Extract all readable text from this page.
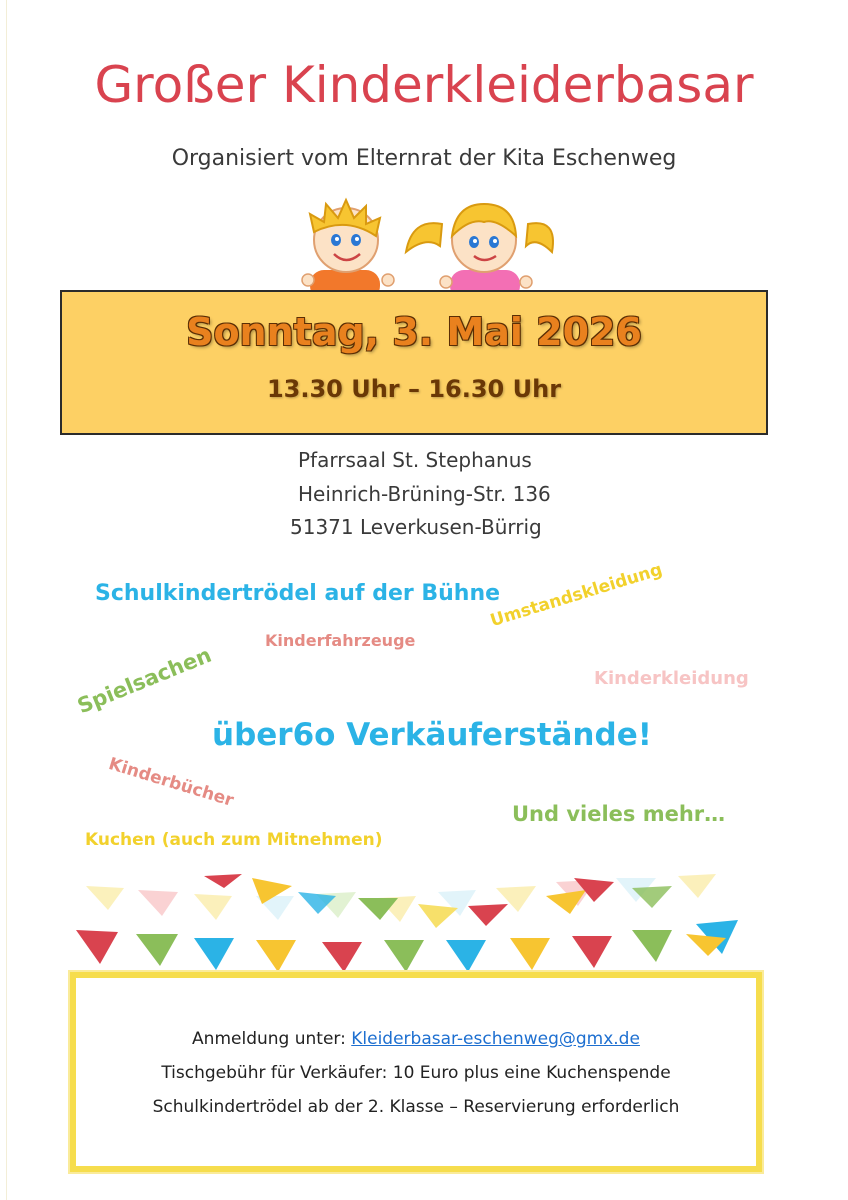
Großer Kinderkleiderbasar
Organisiert vom Elternrat der Kita Eschenweg
Sonntag, 3. Mai 2026
13.30 Uhr – 16.30 Uhr
Pfarrsaal St. Stephanus
Heinrich-Brüning-Str. 136
51371 Leverkusen-Bürrig
Schulkindertrödel auf der Bühne
Kinderfahrzeuge
Umstandskleidung
Spielsachen	Kinderkleidung
über6o Verkäuferstände!
Kinderbücher
Und vieles mehr…
Kuchen (auch zum Mitnehmen)
Anmeldung unter: Kleiderbasar-eschenweg@gmx.de
Tischgebühr für Verkäufer: 10 Euro plus eine Kuchenspende
Schulkindertrödel ab der 2. Klasse – Reservierung erforderlich
